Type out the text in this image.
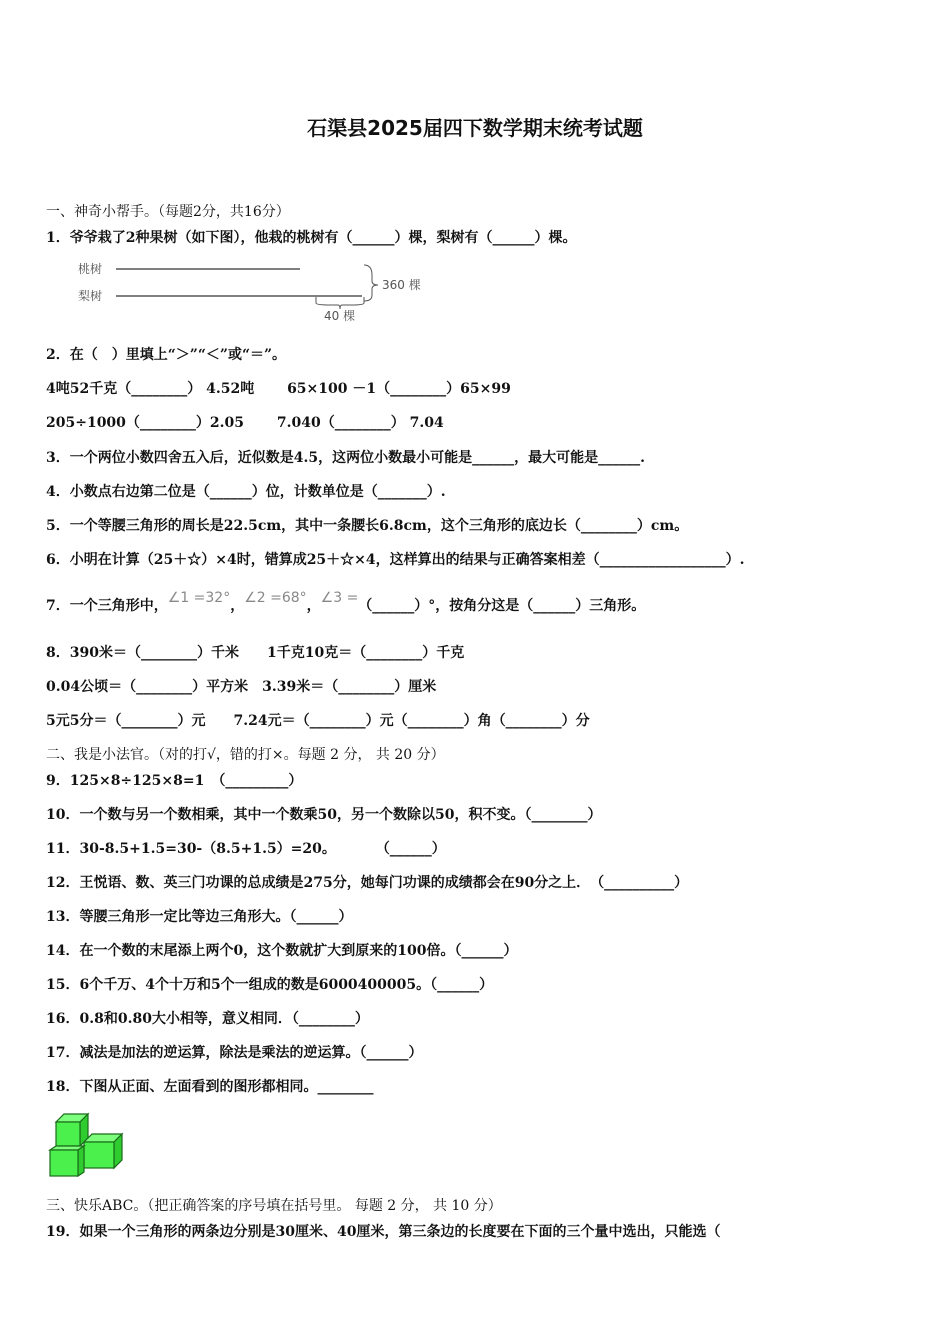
石渠县2025届四下数学期末统考试题
一、神奇小帮手。（每题2分，共16分）
1．爷爷栽了2种果树（如下图），他栽的桃树有（______）棵，梨树有（______）棵。
桃树
梨树
360 棵
40 棵
2．在（　）里填上“＞”“＜”或“＝”。
4吨52千克（________） 4.52吨 　　65×100 －1（________）65×99
205÷1000（________）2.05　　 7.040（________） 7.04
3．一个两位小数四舍五入后，近似数是4.5，这两位小数最小可能是______，最大可能是______.
4．小数点右边第二位是（______）位，计数单位是（_______）.
5．一个等腰三角形的周长是22.5cm，其中一条腰长6.8cm，这个三角形的底边长（________）cm。
6．小明在计算（25＋☆）×4时，错算成25＋☆×4，这样算出的结果与正确答案相差（__________________）.
7．一个三角形中，∠1 =32°，∠2 =68°，∠3 =（______）°，按角分这是（______）三角形。
8．390米＝（________）千米　　1千克10克＝（________）千克
0.04公顷＝（________）平方米　3.39米＝（________）厘米
5元5分＝（________）元　　7.24元＝（________）元（________）角（________）分
二、我是小法官。（对的打√，错的打×。每题 2 分， 共 20 分）
9．125×8÷125×8=1　（_________）
10．一个数与另一个数相乘，其中一个数乘50，另一个数除以50，积不变。（________）
11．30-8.5+1.5=30-（8.5+1.5）=20。　　　 （______）
12．王悦语、数、英三门功课的总成绩是275分，她每门功课的成绩都会在90分之上．　（__________）
13．等腰三角形一定比等边三角形大。（______）
14．在一个数的末尾添上两个0，这个数就扩大到原来的100倍。（______）
15．6个千万、4个十万和5个一组成的数是6000400005。（______）
16．0.8和0.80大小相等，意义相同．（________）
17．减法是加法的逆运算，除法是乘法的逆运算。（______）
18．下图从正面、左面看到的图形都相同。________
三、快乐ABC。（把正确答案的序号填在括号里。 每题 2 分， 共 10 分）
19．如果一个三角形的两条边分别是30厘米、40厘米，第三条边的长度要在下面的三个量中选出，只能选（
